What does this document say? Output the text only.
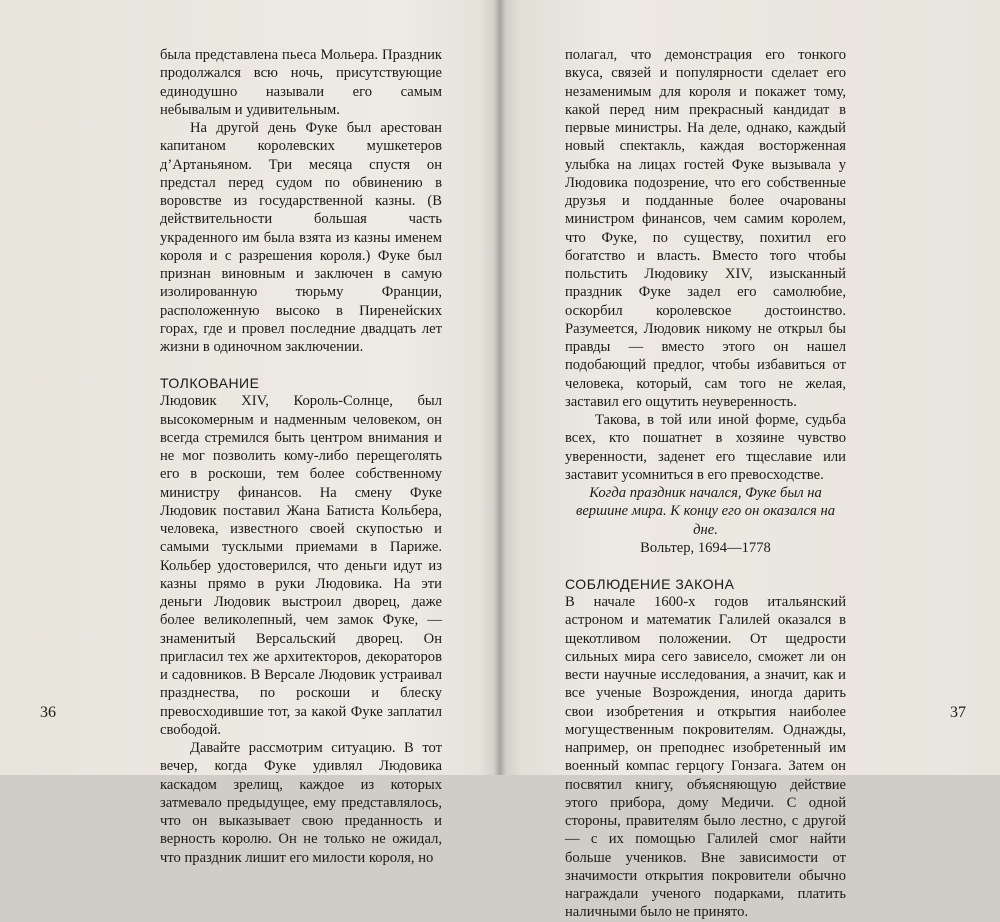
была представлена пьеса Мольера. Праздник продолжался всю ночь, присутствующие единодушно называли его самым небывалым и удивительным.

На другой день Фуке был арестован капитаном королевских мушкетеров д’Артаньяном. Три месяца спустя он предстал перед судом по обвинению в воровстве из государственной казны. (В действительности большая часть украденного им была взята из казны именем короля и с разрешения короля.) Фуке был признан виновным и заключен в самую изолированную тюрьму Франции, расположенную высоко в Пиренейских горах, где и провел последние двадцать лет жизни в одиночном заключении.

ТОЛКОВАНИЕ

Людовик XIV, Король-Солнце, был высокомерным и надменным человеком, он всегда стремился быть центром внимания и не мог позволить кому-либо перещеголять его в роскоши, тем более собственному министру финансов. На смену Фуке Людовик поставил Жана Батиста Кольбера, человека, известного своей скупостью и самыми тусклыми приемами в Париже. Кольбер удостоверился, что деньги идут из казны прямо в руки Людовика. На эти деньги Людовик выстроил дворец, даже более великолепный, чем замок Фуке, — знаменитый Версальский дворец. Он пригласил тех же архитекторов, декораторов и садовников. В Версале Людовик устраивал празднества, по роскоши и блеску превосходившие тот, за какой Фуке заплатил свободой.

Давайте рассмотрим ситуацию. В тот вечер, когда Фуке удивлял Людовика каскадом зрелищ, каждое из которых затмевало предыдущее, ему представлялось, что он выказывает свою преданность и верность королю. Он не только не ожидал, что праздник лишит его милости короля, но

36

полагал, что демонстрация его тонкого вкуса, связей и популярности сделает его незаменимым для короля и покажет тому, какой перед ним прекрасный кандидат в первые министры. На деле, однако, каждый новый спектакль, каждая восторженная улыбка на лицах гостей Фуке вызывала у Людовика подозрение, что его собственные друзья и подданные более очарованы министром финансов, чем самим королем, что Фуке, по существу, похитил его богатство и власть. Вместо того чтобы польстить Людовику XIV, изысканный праздник Фуке задел его самолюбие, оскорбил королевское достоинство. Разумеется, Людовик никому не открыл бы правды — вместо этого он нашел подобающий предлог, чтобы избавиться от человека, который, сам того не желая, заставил его ощутить неуверенность.

Такова, в той или иной форме, судьба всех, кто пошатнет в хозяине чувство уверенности, заденет его тщеславие или заставит усомниться в его превосходстве.

Когда праздник начался, Фуке был на вершине мира. К концу его он оказался на дне.

Вольтер, 1694—1778

СОБЛЮДЕНИЕ ЗАКОНА

В начале 1600-х годов итальянский астроном и математик Галилей оказался в щекотливом положении. От щедрости сильных мира сего зависело, сможет ли он вести научные исследования, а значит, как и все ученые Возрождения, иногда дарить свои изобретения и открытия наиболее могущественным покровителям. Однажды, например, он преподнес изобретенный им военный компас герцогу Гонзага. Затем он посвятил книгу, объясняющую действие этого прибора, дому Медичи. С одной стороны, правителям было лестно, с другой — с их помощью Галилей смог найти больше учеников. Вне зависимости от значимости открытия покровители обычно награждали ученого подарками, платить наличными было не принято.

37
